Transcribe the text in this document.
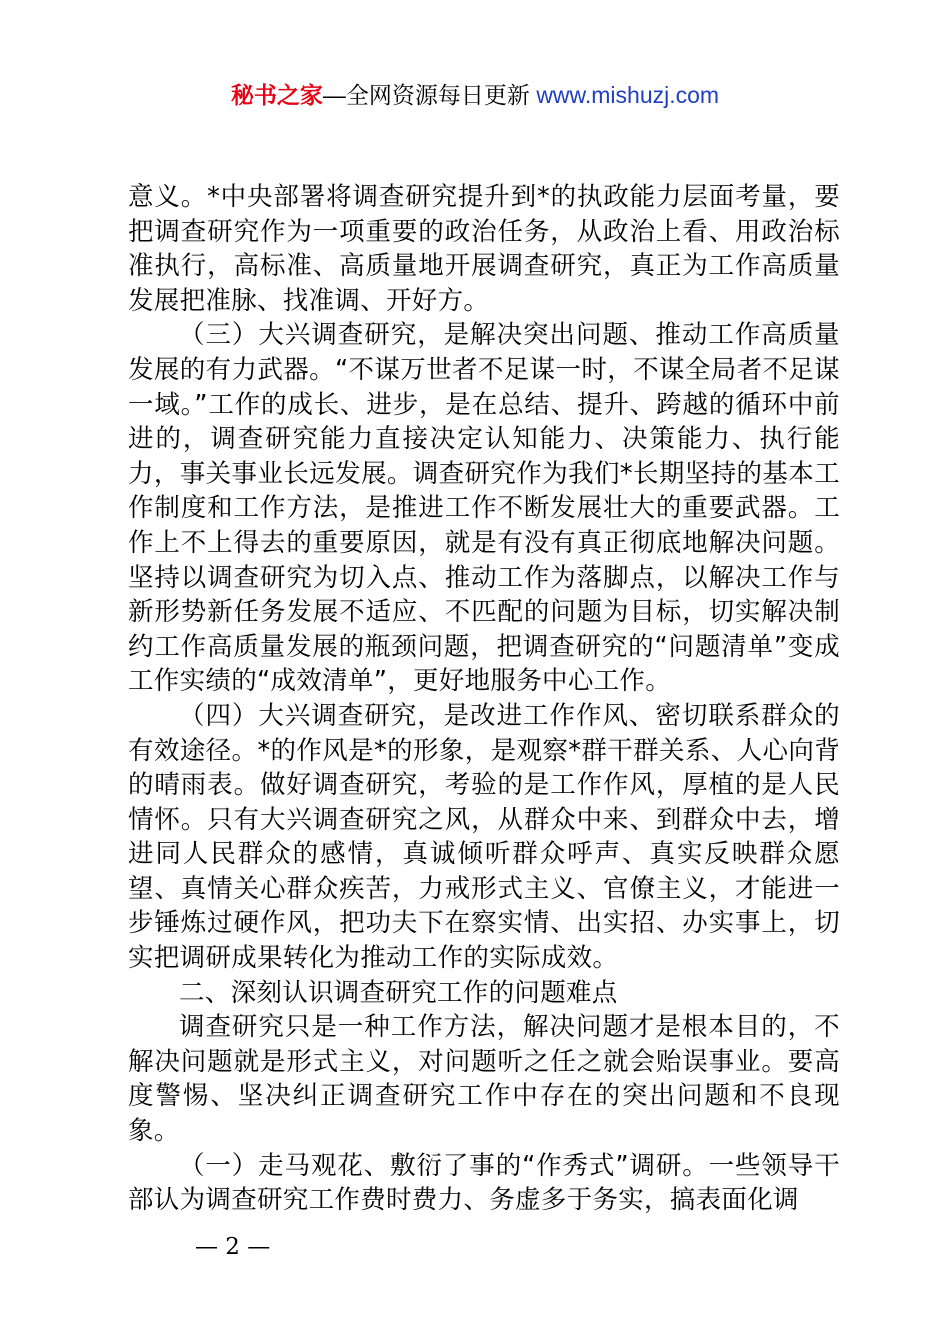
秘书之家—全网资源每日更新 www.mishuzj.com

意义。*中央部署将调查研究提升到*的执政能力层面考量，要把调查研究作为一项重要的政治任务，从政治上看、用政治标准执行，高标准、高质量地开展调查研究，真正为工作高质量发展把准脉、找准调、开好方。

（三）大兴调查研究，是解决突出问题、推动工作高质量发展的有力武器。“不谋万世者不足谋一时，不谋全局者不足谋一域。”工作的成长、进步，是在总结、提升、跨越的循环中前进的，调查研究能力直接决定认知能力、决策能力、执行能力，事关事业长远发展。调查研究作为我们*长期坚持的基本工作制度和工作方法，是推进工作不断发展壮大的重要武器。工作上不上得去的重要原因，就是有没有真正彻底地解决问题。坚持以调查研究为切入点、推动工作为落脚点，以解决工作与新形势新任务发展不适应、不匹配的问题为目标，切实解决制约工作高质量发展的瓶颈问题，把调查研究的“问题清单”变成工作实绩的“成效清单”，更好地服务中心工作。

（四）大兴调查研究，是改进工作作风、密切联系群众的有效途径。*的作风是*的形象，是观察*群干群关系、人心向背的晴雨表。做好调查研究，考验的是工作作风，厚植的是人民情怀。只有大兴调查研究之风，从群众中来、到群众中去，增进同人民群众的感情，真诚倾听群众呼声、真实反映群众愿望、真情关心群众疾苦，力戒形式主义、官僚主义，才能进一步锤炼过硬作风，把功夫下在察实情、出实招、办实事上，切实把调研成果转化为推动工作的实际成效。

二、深刻认识调查研究工作的问题难点

调查研究只是一种工作方法，解决问题才是根本目的，不解决问题就是形式主义，对问题听之任之就会贻误事业。要高度警惕、坚决纠正调查研究工作中存在的突出问题和不良现象。

（一）走马观花、敷衍了事的“作秀式”调研。一些领导干部认为调查研究工作费时费力、务虚多于务实，搞表面化调

— 2 —
